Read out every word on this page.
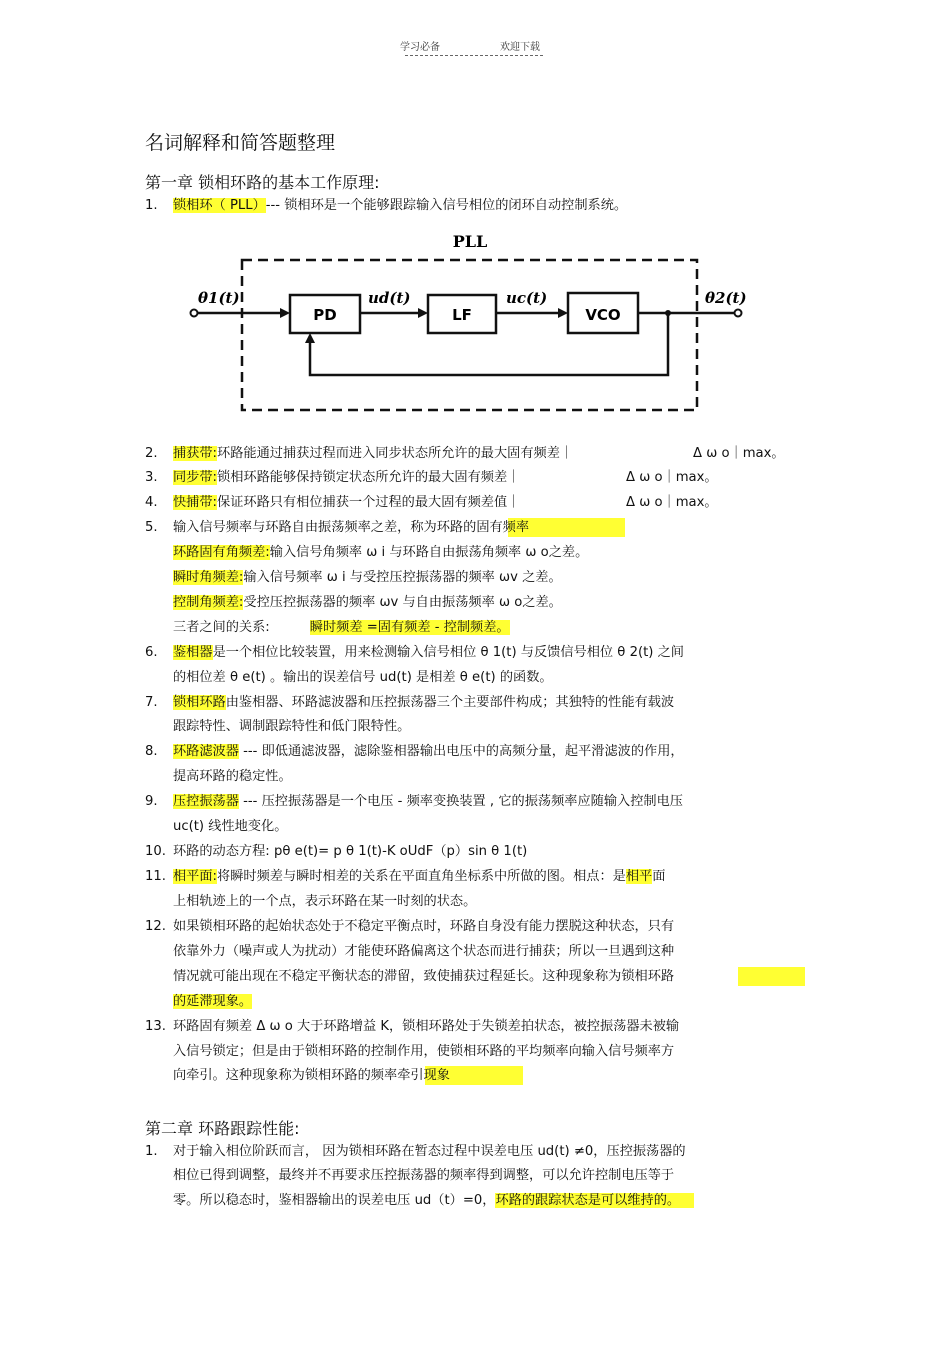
学习必备	欢迎下载
名词解释和简答题整理
第一章 锁相环路的基本工作原理:
1. 锁相环（ PLL）--- 锁相环是一个能够跟踪输入信号相位的闭环自动控制系统。
PLL
PD	LF	VCO
θ1(t)	ud(t)	uc(t)	θ2(t)
2. 捕获带:环路能通过捕获过程而进入同步状态所允许的最大固有频差｜	Δ ω o｜max。
3. 同步带:锁相环路能够保持锁定状态所允许的最大固有频差｜	Δ ω o｜max。
4. 快捕带:保证环路只有相位捕获一个过程的最大固有频差值｜	Δ ω o｜max。
5. 输入信号频率与环路自由振荡频率之差，称为环路的固有频率
环路固有角频差:输入信号角频率 ω i 与环路自由振荡角频率 ω o之差。
瞬时角频差:输入信号频率 ω i 与受控压控振荡器的频率 ωv 之差。
控制角频差:受控压控振荡器的频率 ωv 与自由振荡频率 ω o之差。
三者之间的关系:	瞬时频差 =固有频差 - 控制频差。
6. 鉴相器是一个相位比较装置，用来检测输入信号相位 θ 1(t) 与反馈信号相位 θ 2(t) 之间
的相位差 θ e(t) 。输出的误差信号 ud(t) 是相差 θ e(t) 的函数。
7. 锁相环路由鉴相器、环路滤波器和压控振荡器三个主要部件构成；其独特的性能有载波
跟踪特性、调制跟踪特性和低门限特性。
8. 环路滤波器 --- 即低通滤波器，滤除鉴相器输出电压中的高频分量，起平滑滤波的作用，
提高环路的稳定性。
9. 压控振荡器 --- 压控振荡器是一个电压 - 频率变换装置 , 它的振荡频率应随输入控制电压
uc(t) 线性地变化。
10. 环路的动态方程: pθ e(t)= p θ 1(t)-K oUdF（p）sin θ 1(t)
11. 相平面:将瞬时频差与瞬时相差的关系在平面直角坐标系中所做的图。相点：是相平面
上相轨迹上的一个点，表示环路在某一时刻的状态。
12. 如果锁相环路的起始状态处于不稳定平衡点时，环路自身没有能力摆脱这种状态，只有
依靠外力（噪声或人为扰动）才能使环路偏离这个状态而进行捕获；所以一旦遇到这种
情况就可能出现在不稳定平衡状态的滞留，致使捕获过程延长。这种现象称为锁相环路
的延滞现象。
13. 环路固有频差 Δ ω o 大于环路增益 K，锁相环路处于失锁差拍状态，被控振荡器未被输
入信号锁定；但是由于锁相环路的控制作用，使锁相环路的平均频率向输入信号频率方
向牵引。这种现象称为锁相环路的频率牵引现象
第二章 环路跟踪性能:
1. 对于输入相位阶跃而言， 因为锁相环路在暂态过程中误差电压 ud(t) ≠0，压控振荡器的
相位已得到调整，最终并不再要求压控振荡器的频率得到调整，可以允许控制电压等于
零。所以稳态时，鉴相器输出的误差电压 ud（t）=0，环路的跟踪状态是可以维持的。
